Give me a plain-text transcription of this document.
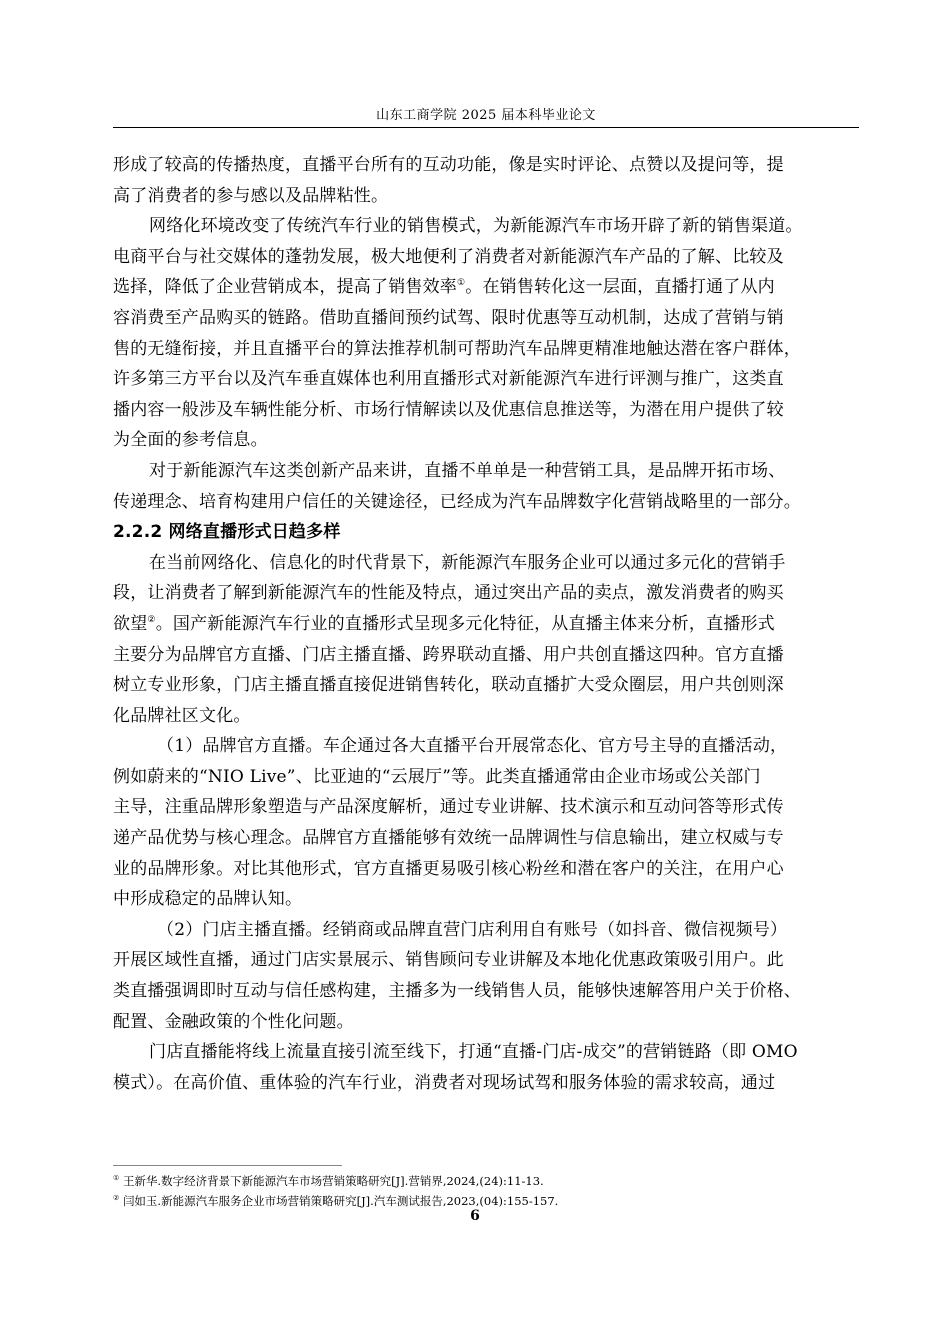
山东工商学院 2025 届本科毕业论文
形成了较高的传播热度，直播平台所有的互动功能，像是实时评论、点赞以及提问等，提
高了消费者的参与感以及品牌粘性。
网络化环境改变了传统汽车行业的销售模式，为新能源汽车市场开辟了新的销售渠道。
电商平台与社交媒体的蓬勃发展，极大地便利了消费者对新能源汽车产品的了解、比较及
选择，降低了企业营销成本，提高了销售效率①。在销售转化这一层面，直播打通了从内
容消费至产品购买的链路。借助直播间预约试驾、限时优惠等互动机制，达成了营销与销
售的无缝衔接，并且直播平台的算法推荐机制可帮助汽车品牌更精准地触达潜在客户群体，
许多第三方平台以及汽车垂直媒体也利用直播形式对新能源汽车进行评测与推广，这类直
播内容一般涉及车辆性能分析、市场行情解读以及优惠信息推送等，为潜在用户提供了较
为全面的参考信息。
对于新能源汽车这类创新产品来讲，直播不单单是一种营销工具，是品牌开拓市场、
传递理念、培育构建用户信任的关键途径，已经成为汽车品牌数字化营销战略里的一部分。
2.2.2 网络直播形式日趋多样
在当前网络化、信息化的时代背景下，新能源汽车服务企业可以通过多元化的营销手
段，让消费者了解到新能源汽车的性能及特点，通过突出产品的卖点，激发消费者的购买
欲望②。国产新能源汽车行业的直播形式呈现多元化特征，从直播主体来分析，直播形式
主要分为品牌官方直播、门店主播直播、跨界联动直播、用户共创直播这四种。官方直播
树立专业形象，门店主播直播直接促进销售转化，联动直播扩大受众圈层，用户共创则深
化品牌社区文化。
（1）品牌官方直播。车企通过各大直播平台开展常态化、官方号主导的直播活动，
例如蔚来的“NIO Live”、比亚迪的“云展厅”等。此类直播通常由企业市场或公关部门
主导，注重品牌形象塑造与产品深度解析，通过专业讲解、技术演示和互动问答等形式传
递产品优势与核心理念。品牌官方直播能够有效统一品牌调性与信息输出，建立权威与专
业的品牌形象。对比其他形式，官方直播更易吸引核心粉丝和潜在客户的关注，在用户心
中形成稳定的品牌认知。
（2）门店主播直播。经销商或品牌直营门店利用自有账号（如抖音、微信视频号）
开展区域性直播，通过门店实景展示、销售顾问专业讲解及本地化优惠政策吸引用户。此
类直播强调即时互动与信任感构建，主播多为一线销售人员，能够快速解答用户关于价格、
配置、金融政策的个性化问题。
门店直播能将线上流量直接引流至线下，打通“直播-门店-成交”的营销链路（即 OMO
模式）。在高价值、重体验的汽车行业，消费者对现场试驾和服务体验的需求较高，通过
① 王新华.数字经济背景下新能源汽车市场营销策略研究[J].营销界,2024,(24):11-13.
② 闫如玉.新能源汽车服务企业市场营销策略研究[J].汽车测试报告,2023,(04):155-157.
6
